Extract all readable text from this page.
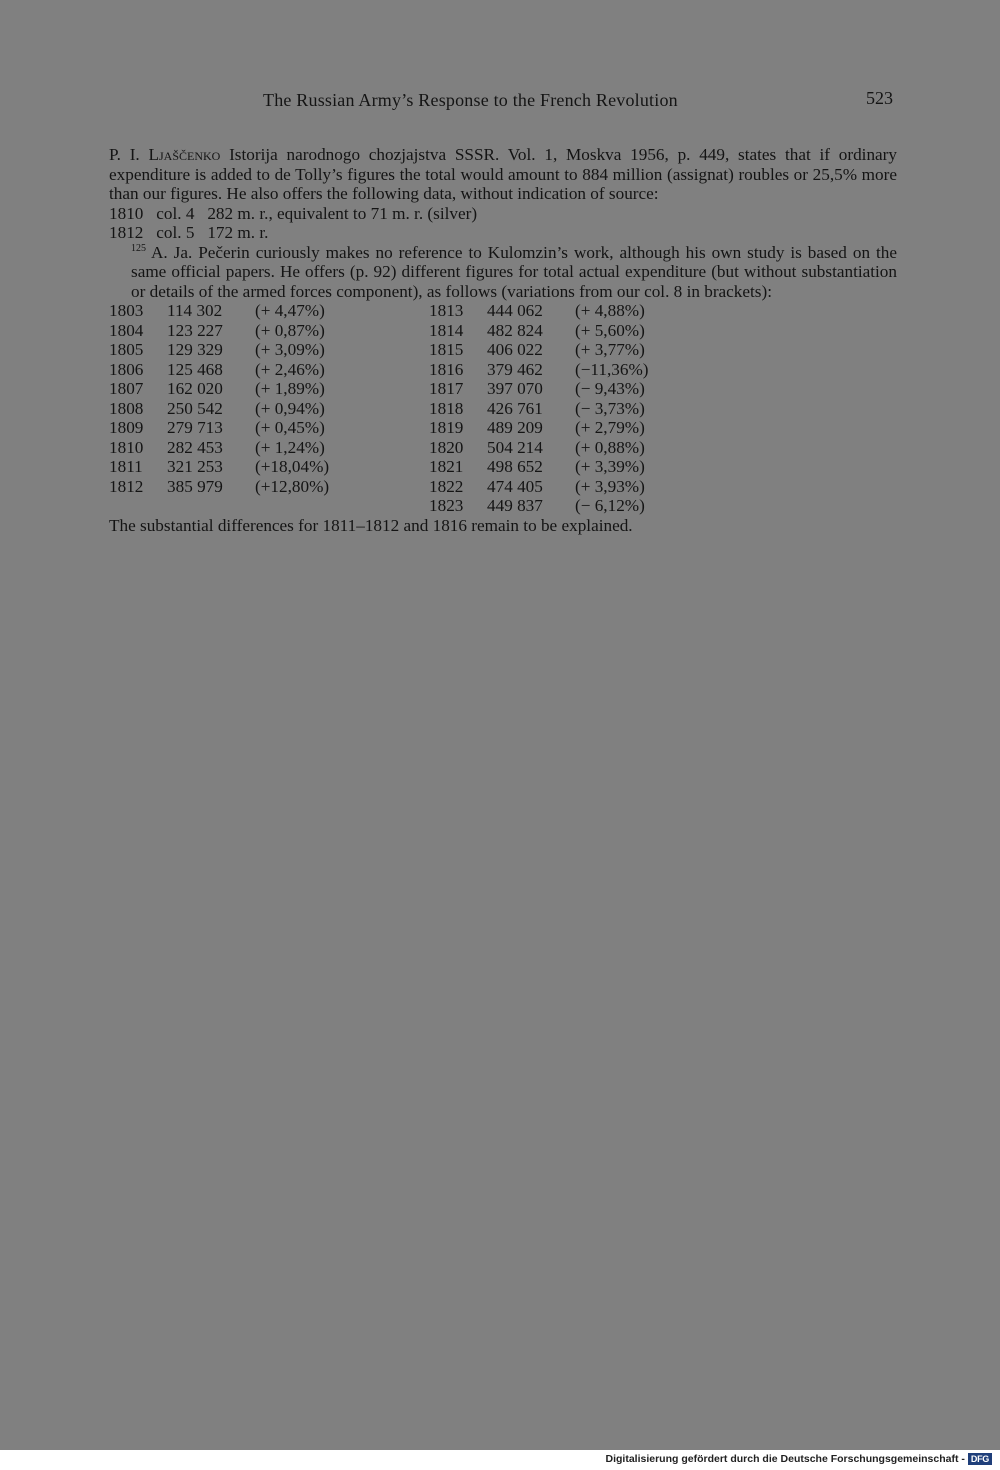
The Russian Army’s Response to the French Revolution	523

P. I. Ljaščenko Istorija narodnogo chozjajstva SSSR. Vol. 1, Moskva 1956, p. 449, states that if ordinary expenditure is added to de Tolly’s figures the total would amount to 884 million (assignat) roubles or 25,5% more than our figures. He also offers the following data, without indication of source:

1810   col. 4   282 m. r., equivalent to 71 m. r. (silver)
1812   col. 5   172 m. r.

$^{125}$ A. Ja. Pečerin curiously makes no reference to Kulomzin’s work, although his own study is based on the same official papers. He offers (p. 92) different figures for total actual expenditure (but without substantiation or details of the armed forces component), as follows (variations from our col. 8 in brackets):

1803	114 302	(+ 4,47%)	1813	444 062	(+ 4,88%)
1804	123 227	(+ 0,87%)	1814	482 824	(+ 5,60%)
1805	129 329	(+ 3,09%)	1815	406 022	(+ 3,77%)
1806	125 468	(+ 2,46%)	1816	379 462	(−11,36%)
1807	162 020	(+ 1,89%)	1817	397 070	(− 9,43%)
1808	250 542	(+ 0,94%)	1818	426 761	(− 3,73%)
1809	279 713	(+ 0,45%)	1819	489 209	(+ 2,79%)
1810	282 453	(+ 1,24%)	1820	504 214	(+ 0,88%)
1811	321 253	(+18,04%)	1821	498 652	(+ 3,39%)
1812	385 979	(+12,80%)	1822	474 405	(+ 3,93%)
			1823	449 837	(− 6,12%)

The substantial differences for 1811–1812 and 1816 remain to be explained.

Digitalisierung gefördert durch die Deutsche Forschungsgemeinschaft - DFG
